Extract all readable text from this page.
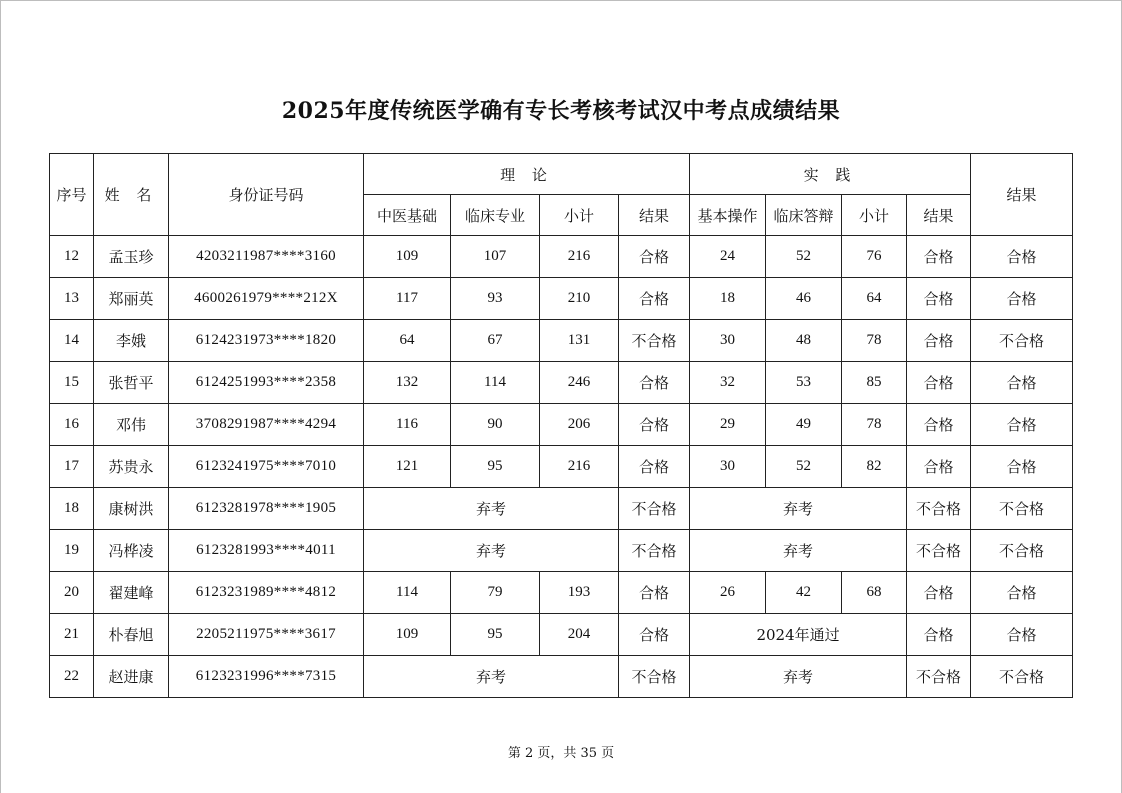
2025年度传统医学确有专长考核考试汉中考点成绩结果
序号	姓 名	身份证号码	理 论				实 践				结果
			中医基础	临床专业	小计	结果	基本操作	临床答辩	小计	结果	
12	孟玉珍	4203211987****3160	109	107	216	合格	24	52	76	合格	合格
13	郑丽英	4600261979****212X	117	93	210	合格	18	46	64	合格	合格
14	李娥	6124231973****1820	64	67	131	不合格	30	48	78	合格	不合格
15	张哲平	6124251993****2358	132	114	246	合格	32	53	85	合格	合格
16	邓伟	3708291987****4294	116	90	206	合格	29	49	78	合格	合格
17	苏贵永	6123241975****7010	121	95	216	合格	30	52	82	合格	合格
18	康树洪	6123281978****1905	弃考			不合格	弃考			不合格	不合格
19	冯桦凌	6123281993****4011	弃考			不合格	弃考			不合格	不合格
20	翟建峰	6123231989****4812	114	79	193	合格	26	42	68	合格	合格
21	朴春旭	2205211975****3617	109	95	204	合格	2024年通过			合格	合格
22	赵进康	6123231996****7315	弃考			不合格	弃考			不合格	不合格
第 2 页，共 35 页
